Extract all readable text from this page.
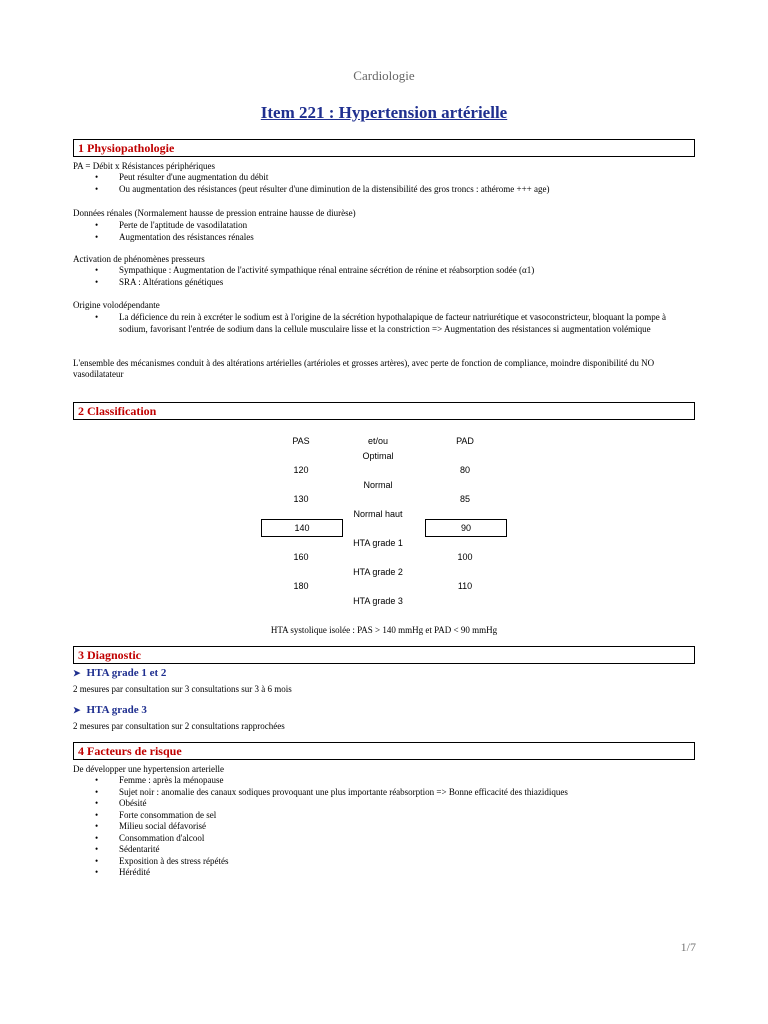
Cardiologie
Item 221 : Hypertension artérielle
1 Physiopathologie
PA = Débit x Résistances périphériques
• Peut résulter d'une augmentation du débit
• Ou augmentation des résistances (peut résulter d'une diminution de la distensibilité des gros troncs : athérome +++ age)
Données rénales (Normalement hausse de pression entraine hausse de diurèse)
• Perte de l'aptitude de vasodilatation
• Augmentation des résistances rénales
Activation de phénomènes presseurs
• Sympathique : Augmentation de l'activité sympathique rénal entraine sécrétion de rénine et réabsorption sodée (α1)
• SRA : Altérations génétiques
Origine volodépendante
• La déficience du rein à excréter le sodium est à l'origine de la sécrétion hypothalapique de facteur natriurétique et vasoconstricteur, bloquant la pompe à sodium, favorisant l'entrée de sodium dans la cellule musculaire lisse et la constriction => Augmentation des résistances si augmentation volémique
L'ensemble des mécanismes conduit à des altérations artérielles (artérioles et grosses artères), avec perte de fonction de compliance, moindre disponibilité du NO vasodilatateur
2 Classification
PAS	et/ou	PAD
Optimal
120	80
Normal
130	85
Normal haut
140	90
HTA grade 1
160	100
HTA grade 2
180	110
HTA grade 3
HTA systolique isolée : PAS > 140 mmHg et PAD < 90 mmHg
3 Diagnostic
➤ HTA grade 1 et 2
2 mesures par consultation sur 3 consultations sur 3 à 6 mois
➤ HTA grade 3
2 mesures par consultation sur 2 consultations rapprochées
4 Facteurs de risque
De développer une hypertension arterielle
• Femme : après la ménopause
• Sujet noir : anomalie des canaux sodiques provoquant une plus importante réabsorption => Bonne efficacité des thiazidiques
• Obésité
• Forte consommation de sel
• Milieu social défavorisé
• Consommation d'alcool
• Sédentarité
• Exposition à des stress répétés
• Hérédité
1/7
